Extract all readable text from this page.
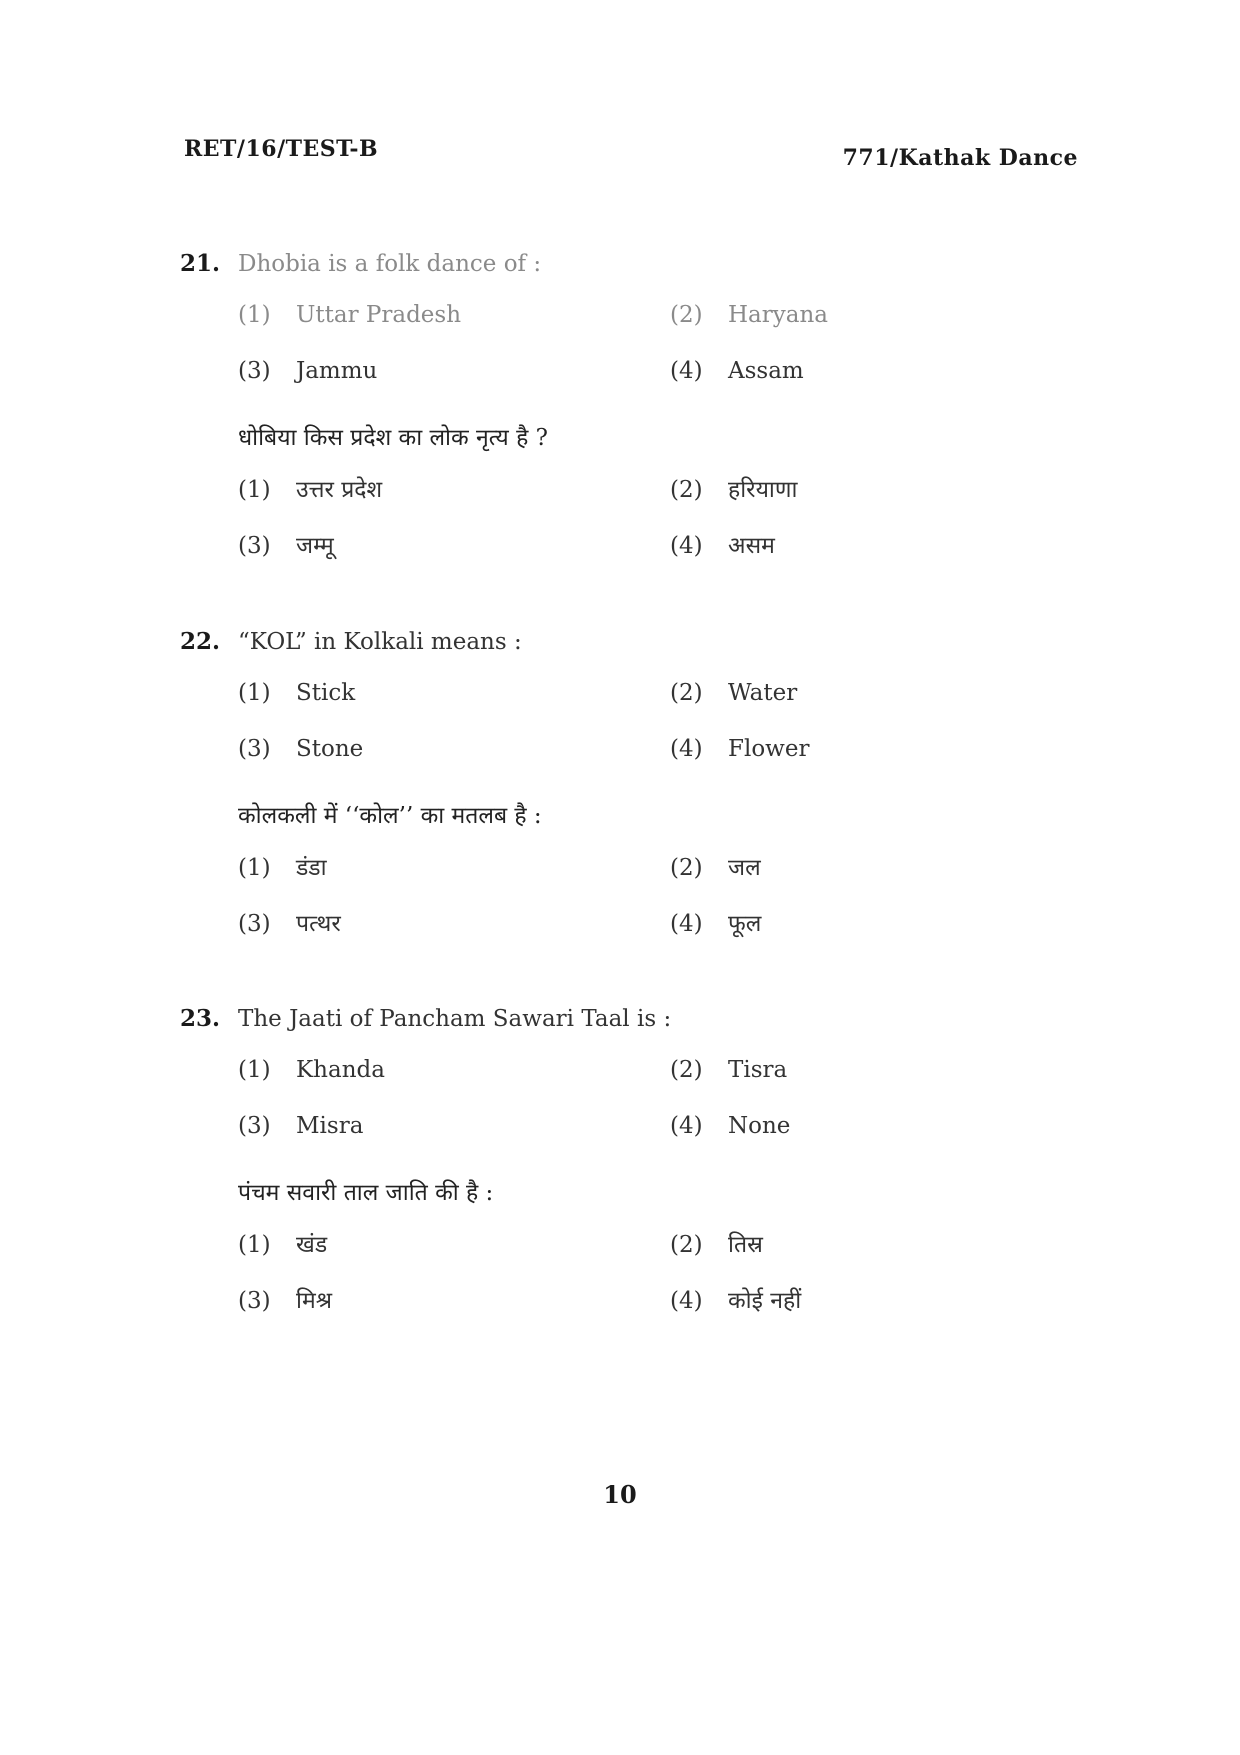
RET/16/TEST-B	771/Kathak Dance
21. Dhobia is a folk dance of :
(1) Uttar Pradesh	(2) Haryana
(3) Jammu	(4) Assam
धोबिया किस प्रदेश का लोक नृत्य है ?
(1) उत्तर प्रदेश	(2) हरियाणा
(3) जम्मू	(4) असम
22. “KOL” in Kolkali means :
(1) Stick	(2) Water
(3) Stone	(4) Flower
कोलकली में ‘‘कोल’’ का मतलब है :
(1) डंडा	(2) जल
(3) पत्थर	(4) फूल
23. The Jaati of Pancham Sawari Taal is :
(1) Khanda	(2) Tisra
(3) Misra	(4) None
पंचम सवारी ताल जाति की है :
(1) खंड	(2) तिस्र
(3) मिश्र	(4) कोई नहीं
10
